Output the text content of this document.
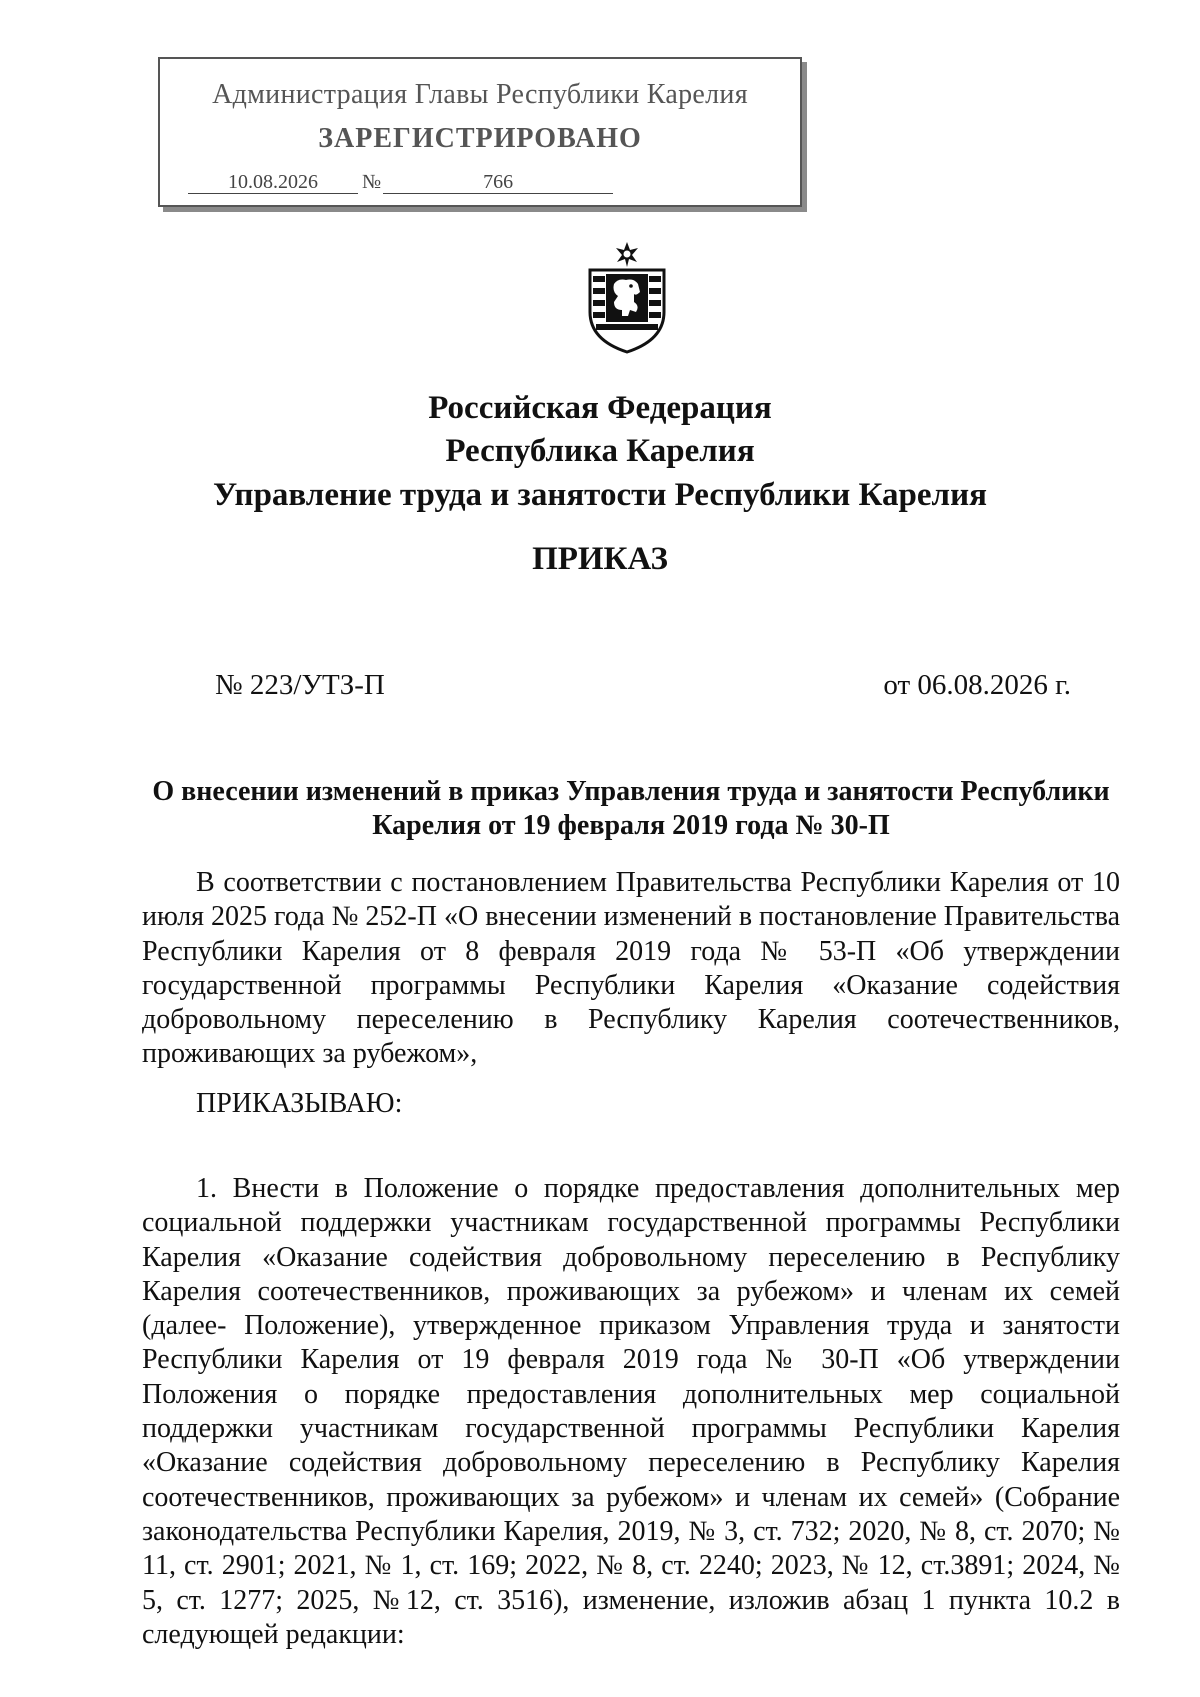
Администрация Главы Республики Карелия
ЗАРЕГИСТРИРОВАНО
10.08.2026 №	766
Российская Федерация
Республика Карелия
Управление труда и занятости Республики Карелия
ПРИКАЗ
№ 223/УТЗ-П	от 06.08.2026 г.
О внесении изменений в приказ Управления труда и занятости Республики Карелия от 19 февраля 2019 года № 30-П
В соответствии с постановлением Правительства Республики Карелия от 10 июля 2025 года № 252-П «О внесении изменений в постановление Правительства Республики Карелия от 8 февраля 2019 года № 53-П «Об утверждении государственной программы Республики Карелия «Оказание содействия добровольному переселению в Республику Карелия соотечественников, проживающих за рубежом»,
ПРИКАЗЫВАЮ:
1. Внести в Положение о порядке предоставления дополнительных мер социальной поддержки участникам государственной программы Республики Карелия «Оказание содействия добровольному переселению в Республику Карелия соотечественников, проживающих за рубежом» и членам их семей (далее- Положение), утвержденное приказом Управления труда и занятости Республики Карелия от 19 февраля 2019 года № 30-П «Об утверждении Положения о порядке предоставления дополнительных мер социальной поддержки участникам государственной программы Республики Карелия «Оказание содействия добровольному переселению в Республику Карелия соотечественников, проживающих за рубежом» и членам их семей» (Собрание законодательства Республики Карелия, 2019, № 3, ст. 732; 2020, № 8, ст. 2070; № 11, ст. 2901; 2021, № 1, ст. 169; 2022, № 8, ст. 2240; 2023, № 12, ст.3891; 2024, № 5, ст. 1277; 2025, №12, ст. 3516), изменение, изложив абзац 1 пункта 10.2 в следующей редакции:
